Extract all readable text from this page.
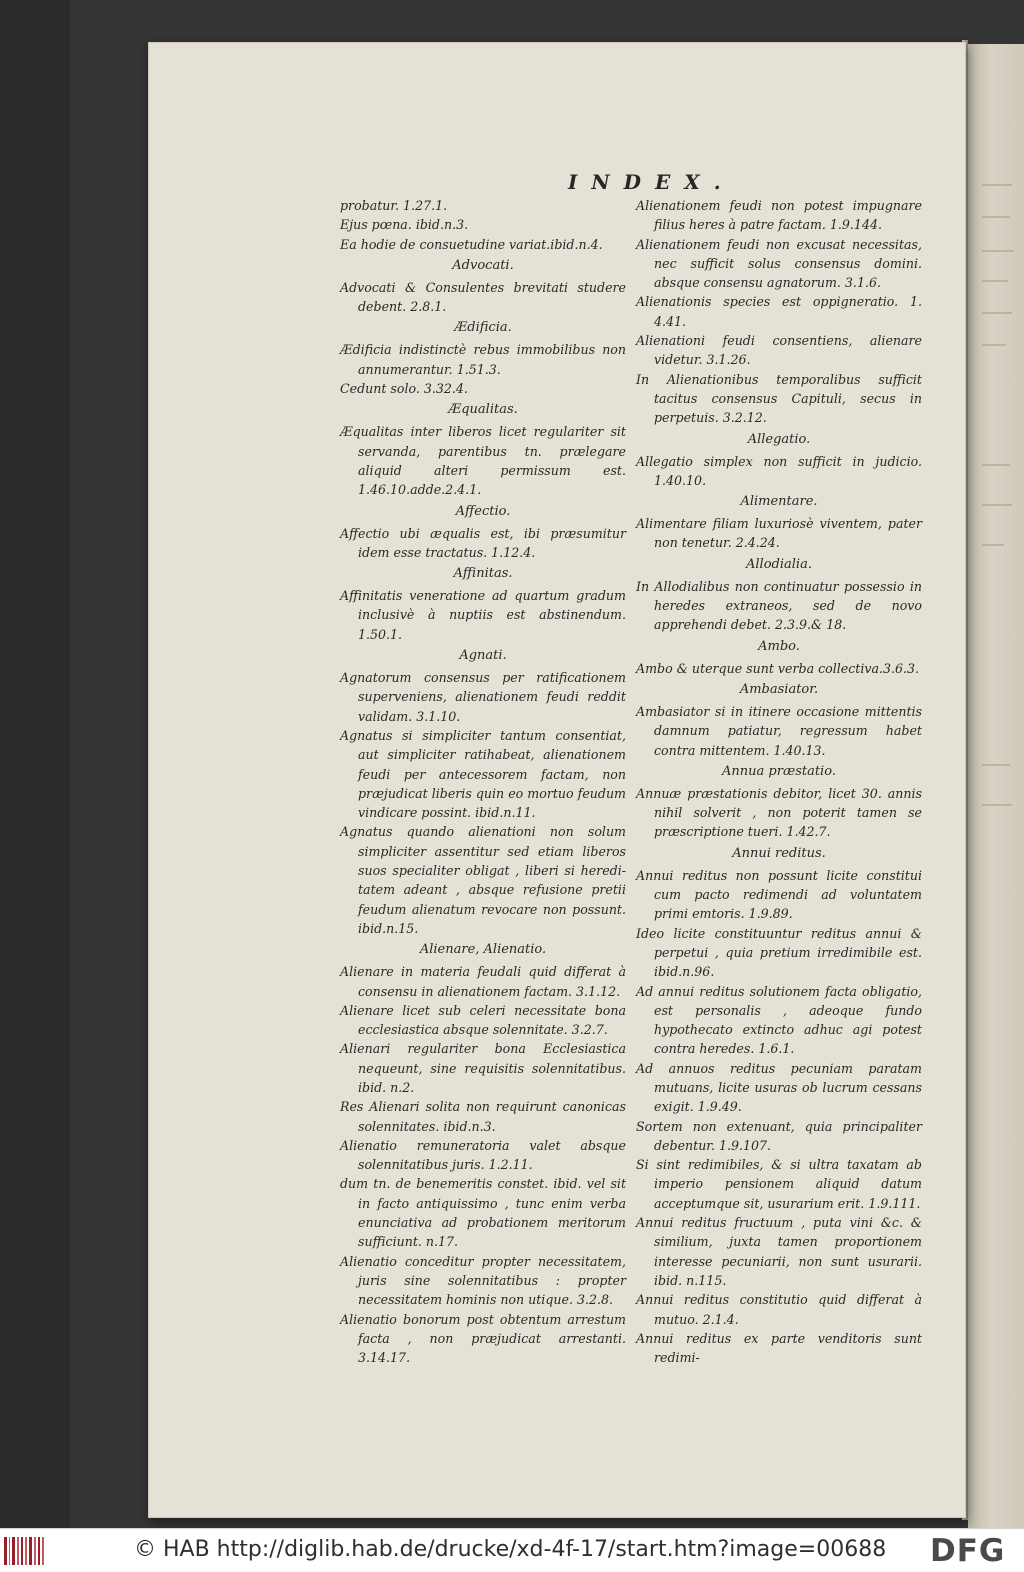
INDEX.
probatur. 1.27.1.
Ejus pœna. ibid.n.3.
Ea hodie de consuetudine variat.ibid.n.4.
Advocati.
Advocati & Consulentes brevitati studere debent. 2.8.1.
Ædificia.
Ædificia indistinctè rebus immobilibus non annumerantur. 1.51.3.
Cedunt solo. 3.32.4.
Æqualitas.
Æqualitas inter liberos licet regulariter sit servanda, parentibus tn. prælegare aliquid alteri permissum est. 1.46.10.adde.2.4.1.
Affectio.
Affectio ubi æqualis est, ibi præsumitur idem esse tractatus. 1.12.4.
Affinitas.
Affinitatis veneratione ad quartum gradum inclusivè à nuptiis est abstinendum. 1.50.1.
Agnati.
Agnatorum consensus per ratificationem superveniens, alienationem feudi reddit validam. 3.1.10.
Agnatus si simpliciter tantum consentiat, aut simpliciter ratihabeat, alienationem feudi per antecessorem factam, non præjudicat liberis quin eo mortuo feudum vindicare possint. ibid.n.11.
Agnatus quando alienationi non solum simpliciter assentitur sed etiam liberos suos specialiter obligat , liberi si heredi- tatem adeant , absque refusione pretii feudum alienatum revocare non possunt. ibid.n.15.
Alienare, Alienatio.
Alienare in materia feudali quid differat à consensu in alienationem factam. 3.1.12.
Alienare licet sub celeri necessitate bona ecclesiastica absque solennitate. 3.2.7.
Alienari regulariter bona Ecclesiastica nequeunt, sine requisitis solennitatibus. ibid. n.2.
Res Alienari solita non requirunt canonicas solennitates. ibid.n.3.
Alienatio remuneratoria valet absque solennitatibus juris. 1.2.11.
dum tn. de benemeritis constet. ibid. vel sit in facto antiquissimo , tunc enim verba enunciativa ad probationem meritorum sufficiunt. n.17.
Alienatio conceditur propter necessitatem, juris sine solennitatibus : propter necessitatem hominis non utique. 3.2.8.
Alienatio bonorum post obtentum arrestum facta , non præjudicat arrestanti. 3.14.17.
Alienationem feudi non potest impugnare filius heres à patre factam. 1.9.144.
Alienationem feudi non excusat necessitas, nec sufficit solus consensus domini. absque consensu agnatorum. 3.1.6.
Alienationis species est oppigneratio. 1. 4.41.
Alienationi feudi consentiens, alienare videtur. 3.1.26.
In Alienationibus temporalibus sufficit tacitus consensus Capituli, secus in perpetuis. 3.2.12.
Allegatio.
Allegatio simplex non sufficit in judicio. 1.40.10.
Alimentare.
Alimentare filiam luxuriosè viventem, pater non tenetur. 2.4.24.
Allodialia.
In Allodialibus non continuatur possessio in heredes extraneos, sed de novo apprehendi debet. 2.3.9.& 18.
Ambo.
Ambo & uterque sunt verba collectiva.3.6.3.
Ambasiator.
Ambasiator si in itinere occasione mittentis damnum patiatur, regressum habet contra mittentem. 1.40.13.
Annua præstatio.
Annuæ præstationis debitor, licet 30. annis nihil solverit , non poterit tamen se præscriptione tueri. 1.42.7.
Annui reditus.
Annui reditus non possunt licite constitui cum pacto redimendi ad voluntatem primi emtoris. 1.9.89.
Ideo licite constituuntur reditus annui & perpetui , quia pretium irredimibile est. ibid.n.96.
Ad annui reditus solutionem facta obligatio, est personalis , adeoque fundo hypothecato extincto adhuc agi potest contra heredes. 1.6.1.
Ad annuos reditus pecuniam paratam mutuans, licite usuras ob lucrum cessans exigit. 1.9.49.
Sortem non extenuant, quia principaliter debentur. 1.9.107.
Si sint redimibiles, & si ultra taxatam ab imperio pensionem aliquid datum acceptumque sit, usurarium erit. 1.9.111.
Annui reditus fructuum , puta vini &c. & similium, juxta tamen proportionem interesse pecuniarii, non sunt usurarii. ibid. n.115.
Annui reditus constitutio quid differat à mutuo. 2.1.4.
Annui reditus ex parte venditoris sunt redimi-
© HAB http://diglib.hab.de/drucke/xd-4f-17/start.htm?image=00688 DFG
